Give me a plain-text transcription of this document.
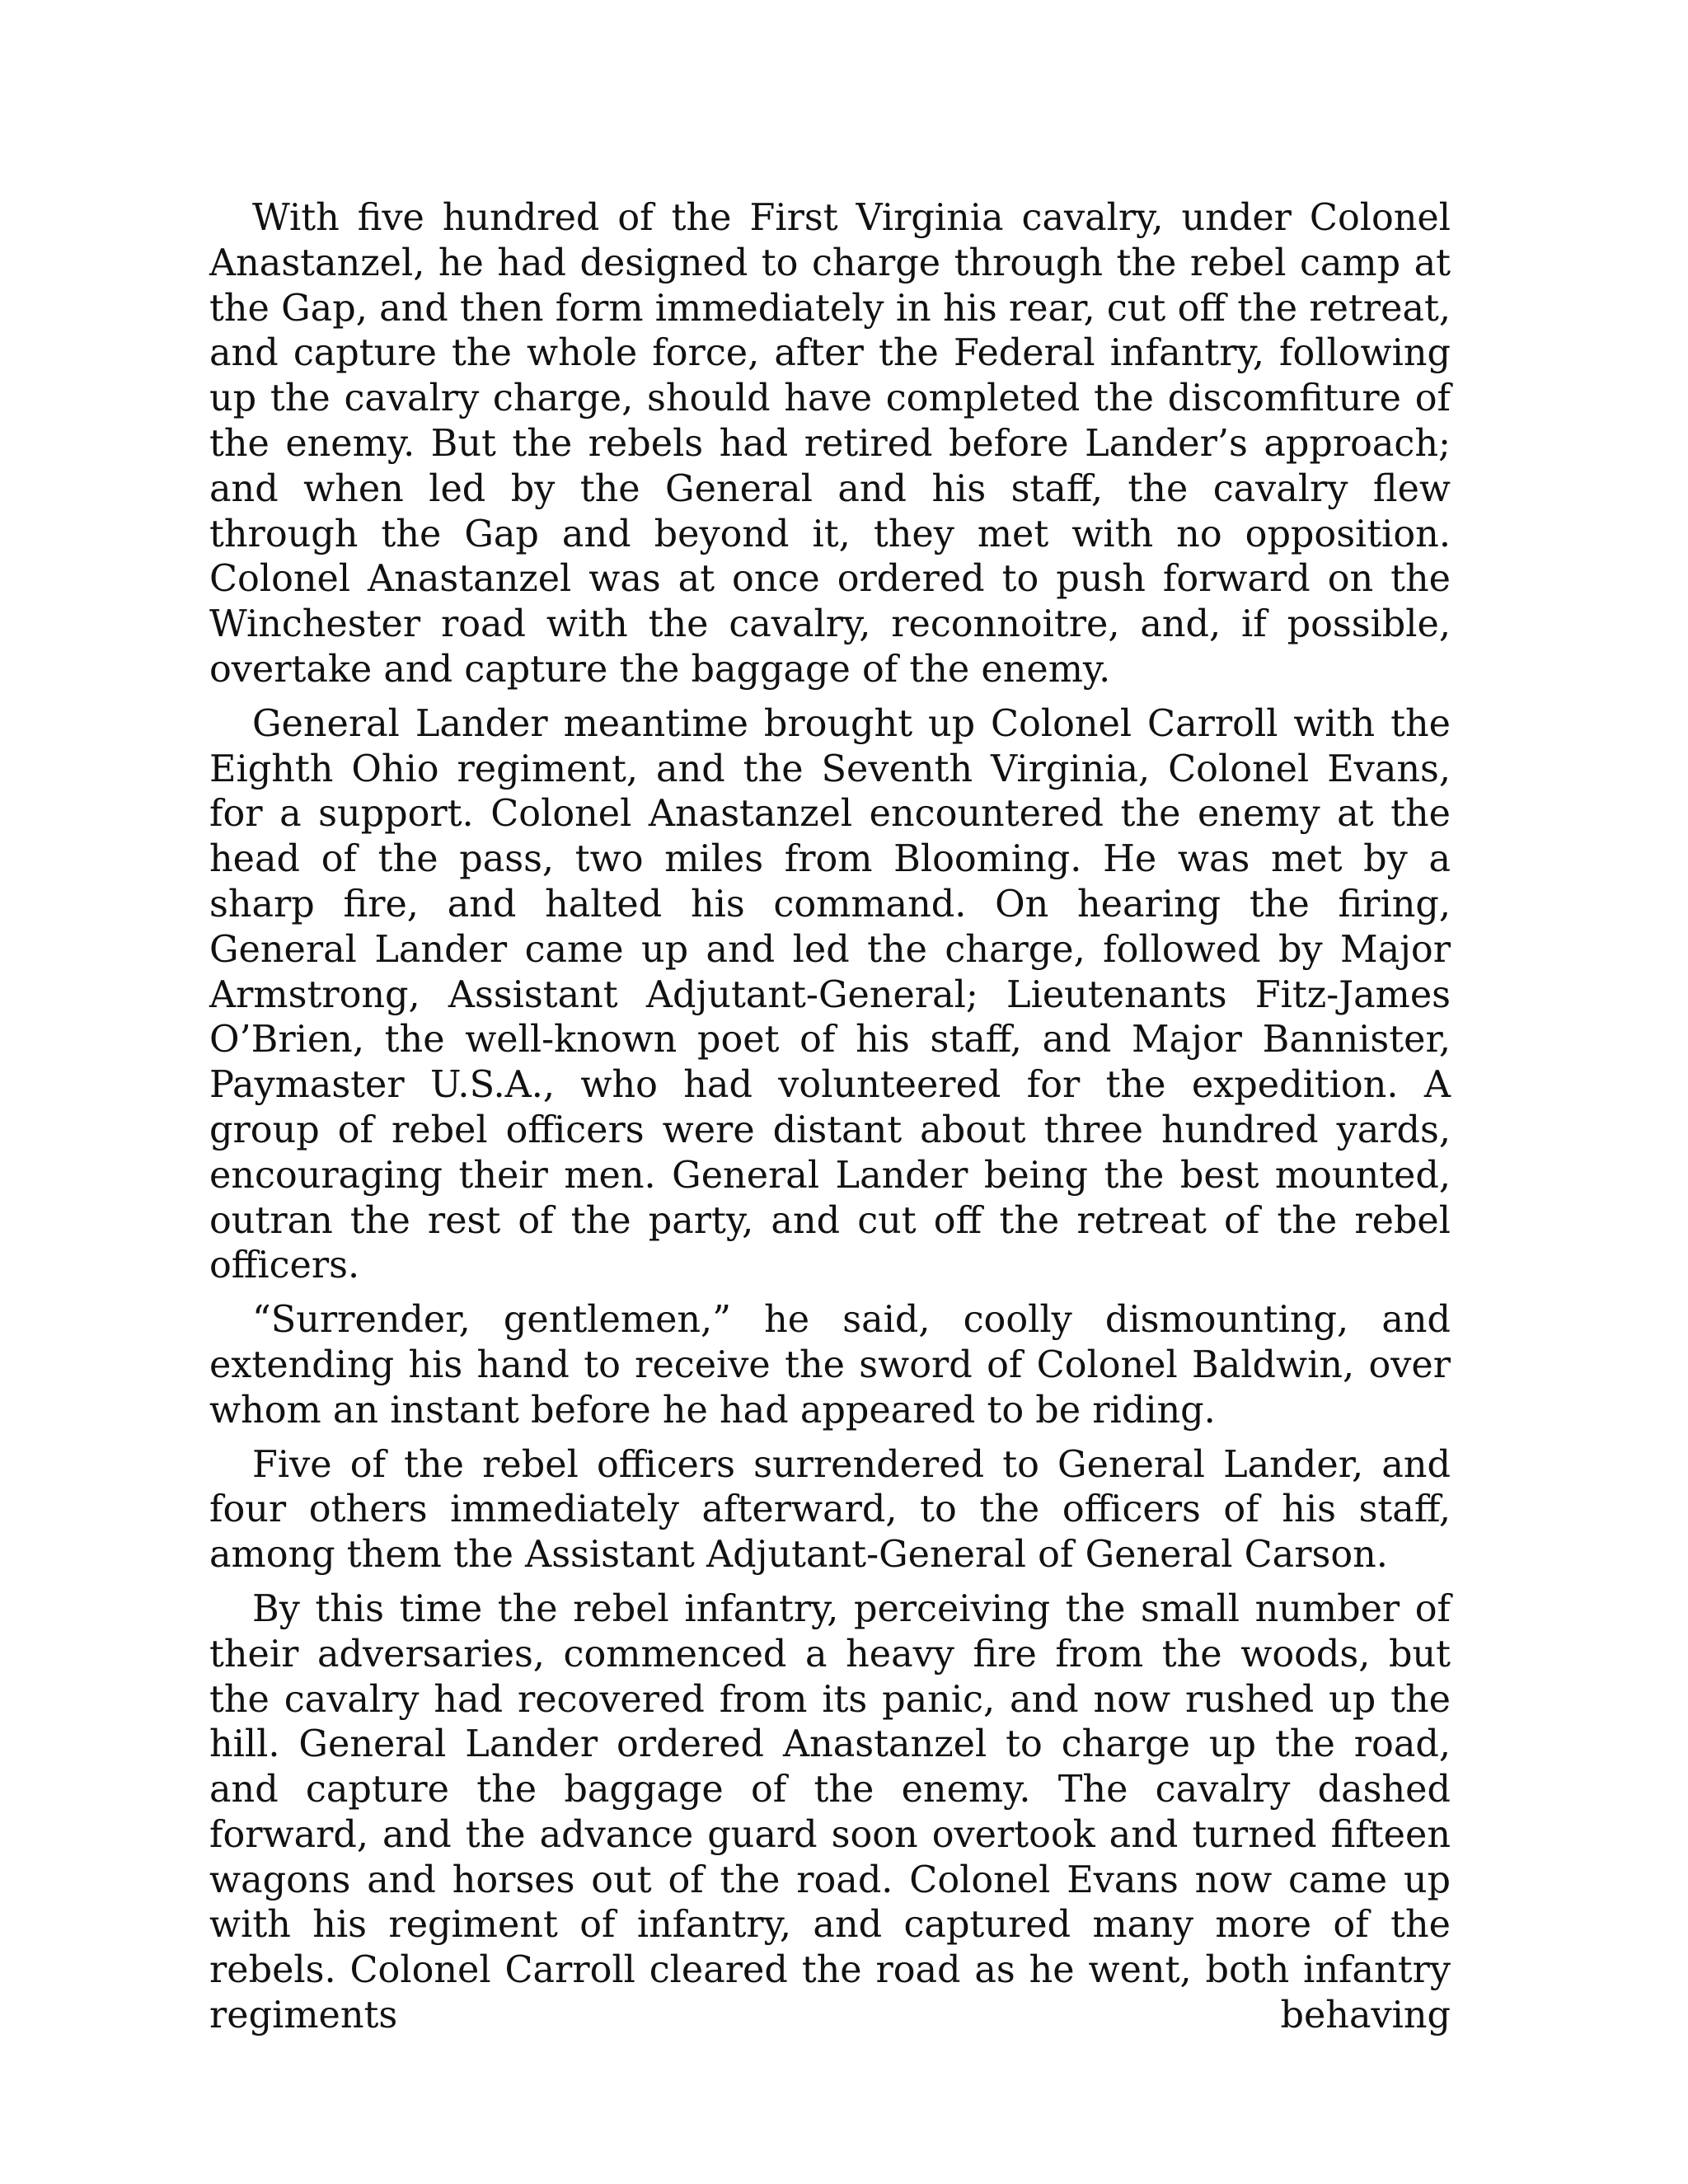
With five hundred of the First Virginia cavalry, under Colonel Anastanzel, he had designed to charge through the rebel camp at the Gap, and then form immediately in his rear, cut off the retreat, and capture the whole force, after the Federal infantry, following up the cavalry charge, should have completed the discomfiture of the enemy. But the rebels had retired before Lander’s approach; and when led by the General and his staff, the cavalry flew through the Gap and beyond it, they met with no opposition. Colonel Anastanzel was at once ordered to push forward on the Winchester road with the cavalry, reconnoitre, and, if possible, overtake and capture the baggage of the enemy.

General Lander meantime brought up Colonel Carroll with the Eighth Ohio regiment, and the Seventh Virginia, Colonel Evans, for a support. Colonel Anastanzel encountered the enemy at the head of the pass, two miles from Blooming. He was met by a sharp fire, and halted his command. On hearing the firing, General Lander came up and led the charge, followed by Major Armstrong, Assistant Adjutant-General; Lieutenants Fitz-James O’Brien, the well-known poet of his staff, and Major Bannister, Paymaster U.S.A., who had volunteered for the expedition. A group of rebel officers were distant about three hundred yards, encouraging their men. General Lander being the best mounted, outran the rest of the party, and cut off the retreat of the rebel officers.

“Surrender, gentlemen,” he said, coolly dismounting, and extending his hand to receive the sword of Colonel Baldwin, over whom an instant before he had appeared to be riding.

Five of the rebel officers surrendered to General Lander, and four others immediately afterward, to the officers of his staff, among them the Assistant Adjutant-General of General Carson.

By this time the rebel infantry, perceiving the small number of their adversaries, commenced a heavy fire from the woods, but the cavalry had recovered from its panic, and now rushed up the hill. General Lander ordered Anastanzel to charge up the road, and capture the baggage of the enemy. The cavalry dashed forward, and the advance guard soon overtook and turned fifteen wagons and horses out of the road. Colonel Evans now came up with his regiment of infantry, and captured many more of the rebels. Colonel Carroll cleared the road as he went, both infantry regiments behaving
